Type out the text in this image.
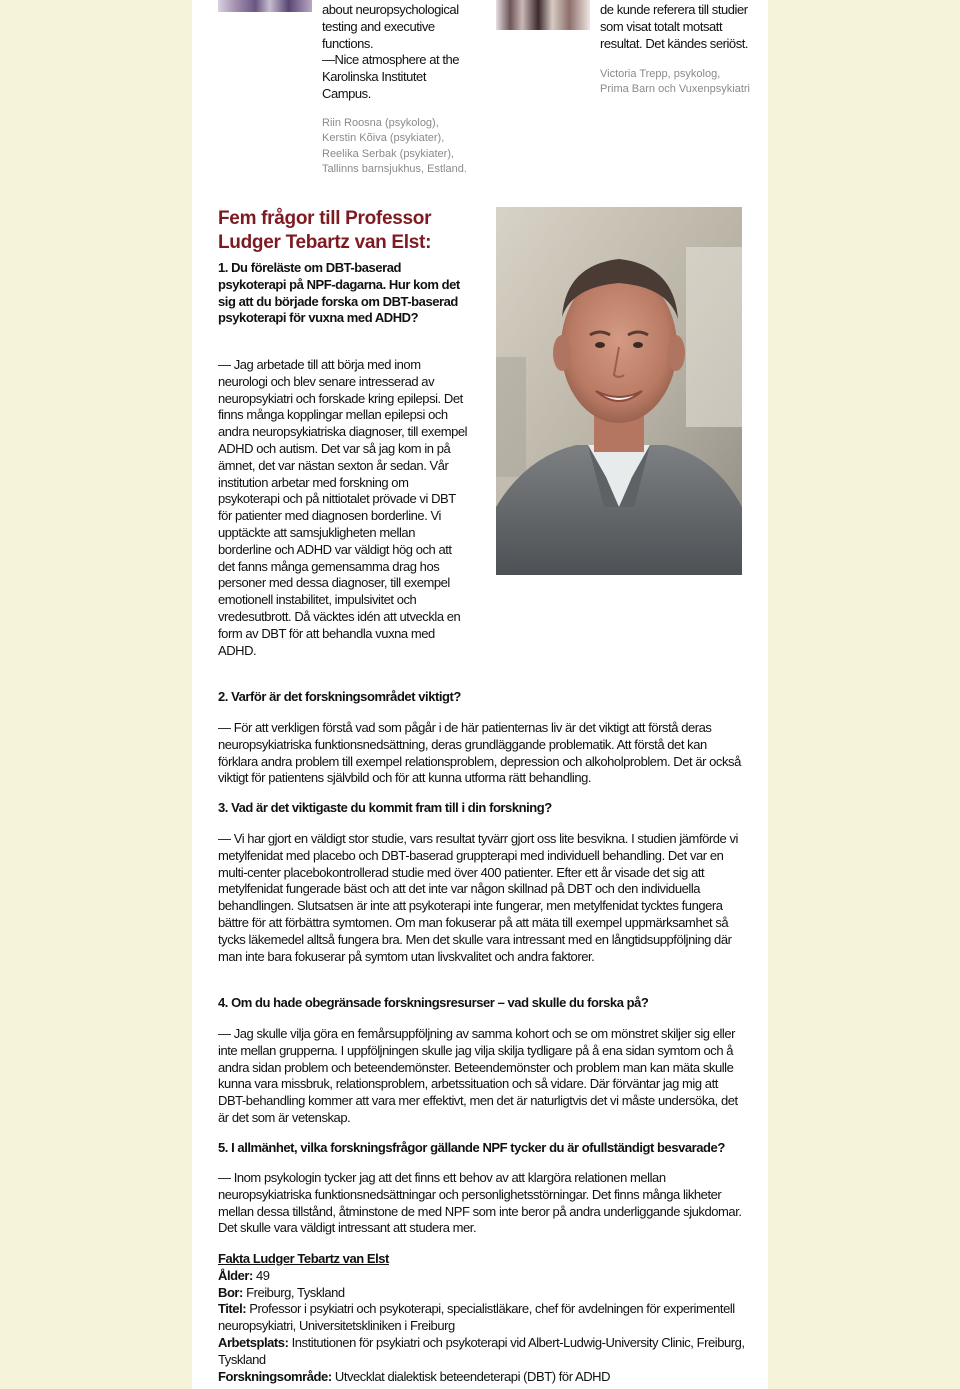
about neuropsychological testing and executive functions.

—Nice atmosphere at the Karolinska Institutet Campus.

Riin Roosna (psykolog), Kerstin Kõiva (psykiater), Reelika Serbak (psykiater), Tallinns barnsjukhus, Estland.

de kunde referera till studier som visat totalt motsatt resultat. Det kändes seriöst.

Victoria Trepp, psykolog, Prima Barn och Vuxenpsykiatri

Fem frågor till Professor Ludger Tebartz van Elst:
1. Du föreläste om DBT-baserad psykoterapi på NPF-dagarna. Hur kom det sig att du började forska om DBT-baserad psykoterapi för vuxna med ADHD?
— Jag arbetade till att börja med inom neurologi och blev senare intresserad av neuropsykiatri och forskade kring epilepsi. Det finns många kopplingar mellan epilepsi och andra neuropsykiatriska diagnoser, till exempel ADHD och autism. Det var så jag kom in på ämnet, det var nästan sexton år sedan. Vår institution arbetar med forskning om psykoterapi och på nittiotalet prövade vi DBT för patienter med diagnosen borderline. Vi upptäckte att samsjukligheten mellan borderline och ADHD var väldigt hög och att det fanns många gemensamma drag hos personer med dessa diagnoser, till exempel emotionell instabilitet, impulsivitet och vredesutbrott. Då väcktes idén att utveckla en form av DBT för att behandla vuxna med ADHD.
2. Varför är det forskningsområdet viktigt?
— För att verkligen förstå vad som pågår i de här patienternas liv är det viktigt att förstå deras neuropsykiatriska funktionsnedsättning, deras grundläggande problematik. Att förstå det kan förklara andra problem till exempel relationsproblem, depression och alkoholproblem. Det är också viktigt för patientens självbild och för att kunna utforma rätt behandling.
3. Vad är det viktigaste du kommit fram till i din forskning?
— Vi har gjort en väldigt stor studie, vars resultat tyvärr gjort oss lite besvikna. I studien jämförde vi metylfenidat med placebo och DBT-baserad gruppterapi med individuell behandling. Det var en multi-center placebokontrollerad studie med över 400 patienter. Efter ett år visade det sig att metylfenidat fungerade bäst och att det inte var någon skillnad på DBT och den individuella behandlingen. Slutsatsen är inte att psykoterapi inte fungerar, men metylfenidat tycktes fungera bättre för att förbättra symtomen. Om man fokuserar på att mäta till exempel uppmärksamhet så tycks läkemedel alltså fungera bra. Men det skulle vara intressant med en långtidsuppföljning där man inte bara fokuserar på symtom utan livskvalitet och andra faktorer.
4. Om du hade obegränsade forskningsresurser – vad skulle du forska på?
— Jag skulle vilja göra en femårsuppföljning av samma kohort och se om mönstret skiljer sig eller inte mellan grupperna. I uppföljningen skulle jag vilja skilja tydligare på å ena sidan symtom och å andra sidan problem och beteendemönster. Beteendemönster och problem man kan mäta skulle kunna vara missbruk, relationsproblem, arbetssituation och så vidare. Där förväntar jag mig att DBT-behandling kommer att vara mer effektivt, men det är naturligtvis det vi måste undersöka, det är det som är vetenskap.
5. I allmänhet, vilka forskningsfrågor gällande NPF tycker du är ofullständigt besvarade?
— Inom psykologin tycker jag att det finns ett behov av att klargöra relationen mellan neuropsykiatriska funktionsnedsättningar och personlighetsstörningar. Det finns många likheter mellan dessa tillstånd, åtminstone de med NPF som inte beror på andra underliggande sjukdomar. Det skulle vara väldigt intressant att studera mer.

Fakta Ludger Tebartz van Elst

Ålder: 49

Bor: Freiburg, Tyskland

Titel: Professor i psykiatri och psykoterapi, specialistläkare, chef för avdelningen för experimentell neuropsykiatri, Universitetskliniken i Freiburg

Arbetsplats: Institutionen för psykiatri och psykoterapi vid Albert-Ludwig-University Clinic, Freiburg, Tyskland

Forskningsområde: Utvecklat dialektisk beteendeterapi (DBT) för ADHD
